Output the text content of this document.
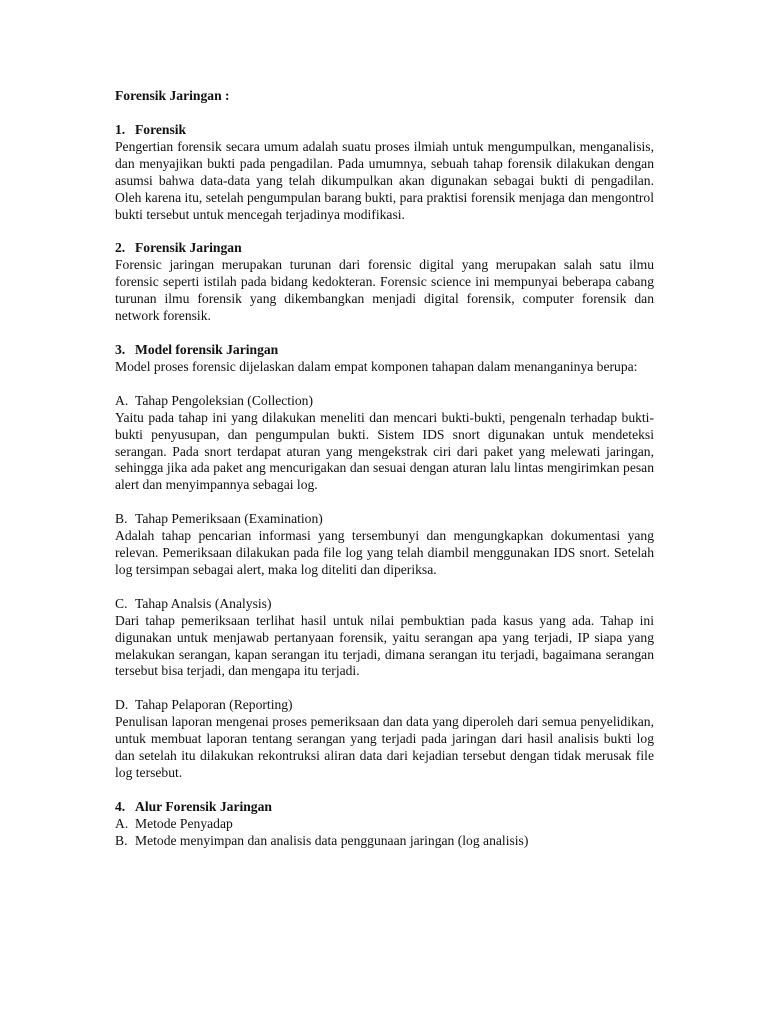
Forensik Jaringan :
1. Forensik

Pengertian forensik secara umum adalah suatu proses ilmiah untuk mengumpulkan, menganalisis, dan menyajikan bukti pada pengadilan. Pada umumnya, sebuah tahap forensik dilakukan dengan asumsi bahwa data-data yang telah dikumpulkan akan digunakan sebagai bukti di pengadilan. Oleh karena itu, setelah pengumpulan barang bukti, para praktisi forensik menjaga dan mengontrol bukti tersebut untuk mencegah terjadinya modifikasi.

2. Forensik Jaringan

Forensic jaringan merupakan turunan dari forensic digital yang merupakan salah satu ilmu forensic seperti istilah pada bidang kedokteran. Forensic science ini mempunyai beberapa cabang turunan ilmu forensik yang dikembangkan menjadi digital forensik, computer forensik dan network forensik.

3. Model forensik Jaringan

Model proses forensic dijelaskan dalam empat komponen tahapan dalam menanganinya berupa:

A. Tahap Pengoleksian (Collection)

Yaitu pada tahap ini yang dilakukan meneliti dan mencari bukti-bukti, pengenaln terhadap bukti-bukti penyusupan, dan pengumpulan bukti. Sistem IDS snort digunakan untuk mendeteksi serangan. Pada snort terdapat aturan yang mengekstrak ciri dari paket yang melewati jaringan, sehingga jika ada paket ang mencurigakan dan sesuai dengan aturan lalu lintas mengirimkan pesan alert dan menyimpannya sebagai log.

B. Tahap Pemeriksaan (Examination)

Adalah tahap pencarian informasi yang tersembunyi dan mengungkapkan dokumentasi yang relevan. Pemeriksaan dilakukan pada file log yang telah diambil menggunakan IDS snort. Setelah log tersimpan sebagai alert, maka log diteliti dan diperiksa.

C. Tahap Analsis (Analysis)

Dari tahap pemeriksaan terlihat hasil untuk nilai pembuktian pada kasus yang ada. Tahap ini digunakan untuk menjawab pertanyaan forensik, yaitu serangan apa yang terjadi, IP siapa yang melakukan serangan, kapan serangan itu terjadi, dimana serangan itu terjadi, bagaimana serangan tersebut bisa terjadi, dan mengapa itu terjadi.

D. Tahap Pelaporan (Reporting)

Penulisan laporan mengenai proses pemeriksaan dan data yang diperoleh dari semua penyelidikan, untuk membuat laporan tentang serangan yang terjadi pada jaringan dari hasil analisis bukti log dan setelah itu dilakukan rekontruksi aliran data dari kejadian tersebut dengan tidak merusak file log tersebut.

4. Alur Forensik Jaringan
A. Metode Penyadap
B. Metode menyimpan dan analisis data penggunaan jaringan (log analisis)
